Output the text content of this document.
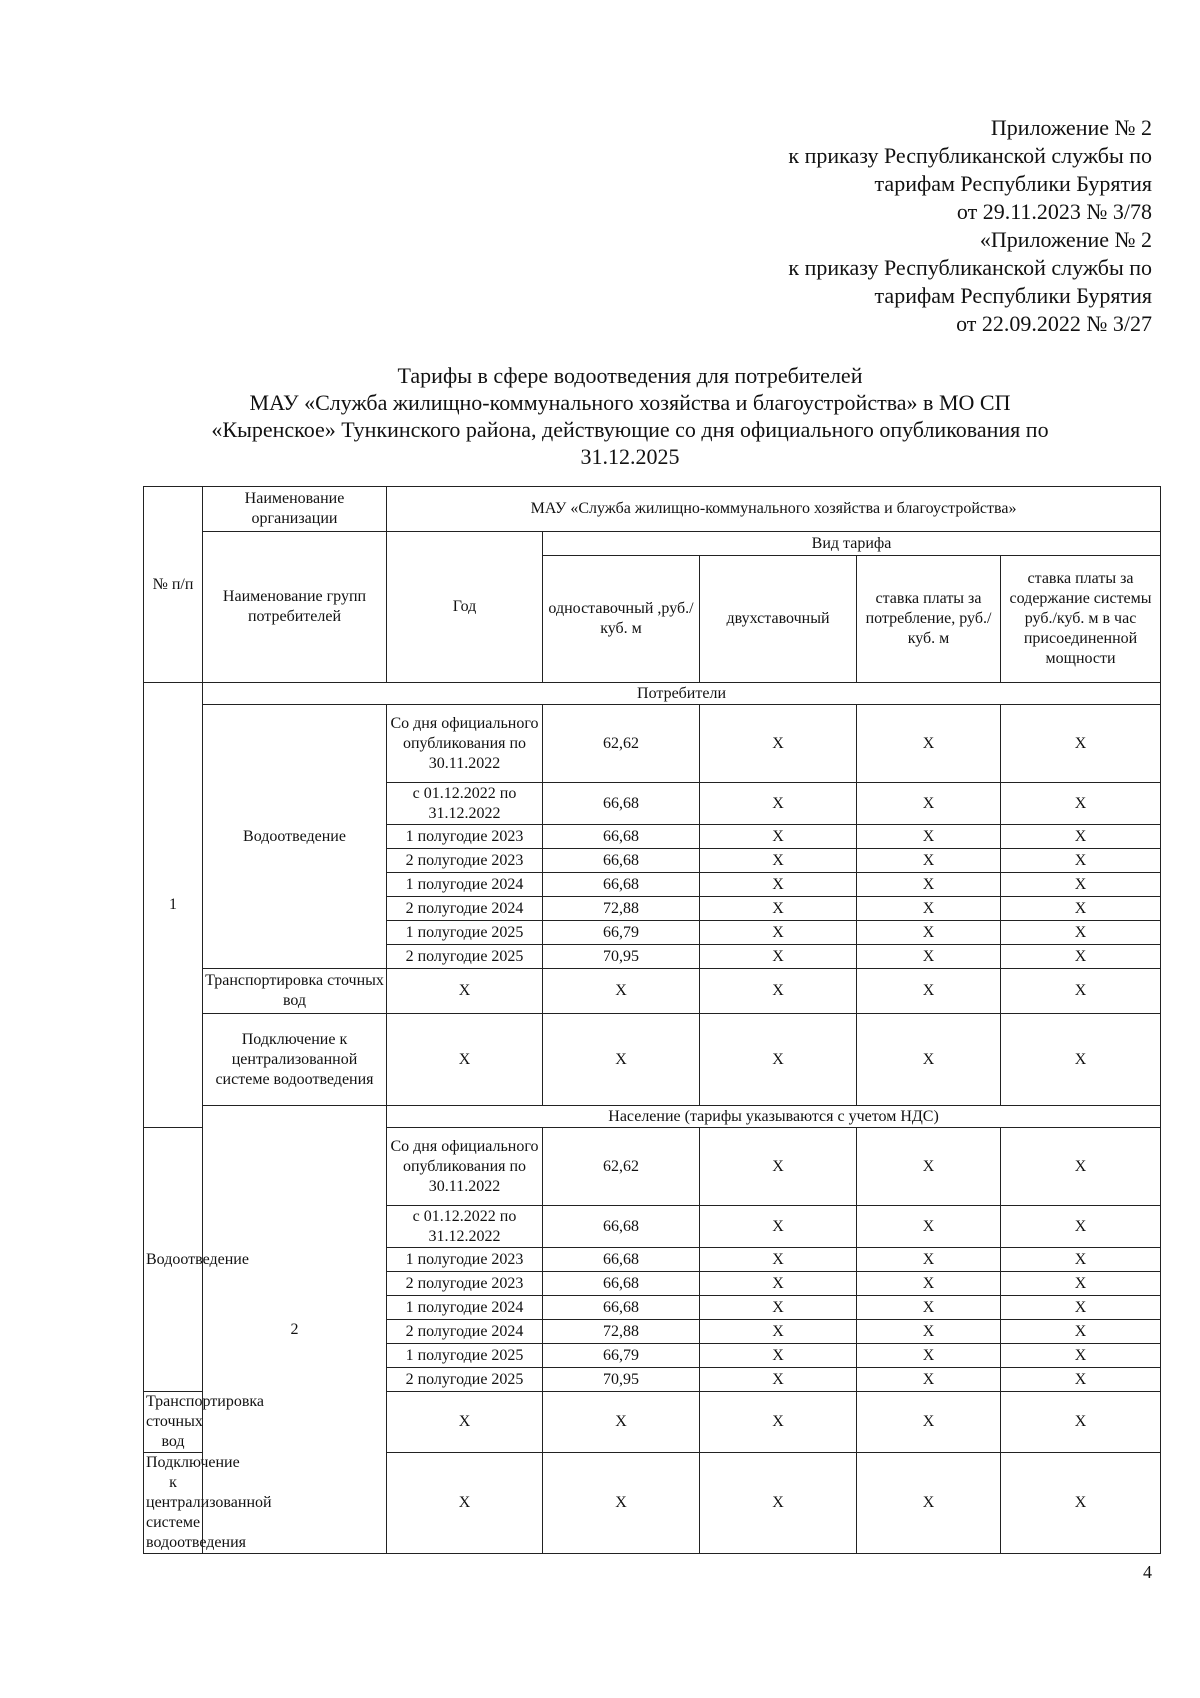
Приложение № 2
к приказу Республиканской службы по
тарифам Республики Бурятия
от 29.11.2023 № 3/78
«Приложение № 2
к приказу Республиканской службы по
тарифам Республики Бурятия
от 22.09.2022 № 3/27
Тарифы в сфере водоотведения для потребителей
МАУ «Служба жилищно-коммунального хозяйства и благоустройства» в МО СП
«Кыренское» Тункинского района, действующие со дня официального опубликования по
31.12.2025
№ п/п	Наименование организации	МАУ «Служба жилищно-коммунального хозяйства и благоустройства»				
	Наименование групп потребителей	Год	Вид тарифа			
			одноставочный ,руб./ куб. м	двухставочный	ставка платы за потребление, руб./ куб. м	ставка платы за содержание системы руб./куб. м в час присоединенной мощности
1	Потребители					
	Водоотведение	Со дня официального опубликования по 30.11.2022	62,62	X	X	X
		с 01.12.2022 по 31.12.2022	66,68	X	X	X
		1 полугодие 2023	66,68	X	X	X
		2 полугодие 2023	66,68	X	X	X
		1 полугодие 2024	66,68	X	X	X
		2 полугодие 2024	72,88	X	X	X
		1 полугодие 2025	66,79	X	X	X
		2 полугодие 2025	70,95	X	X	X
	Транспортировка сточных вод	X	X	X	X	X
	Подключение к централизованной системе водоотведения	X	X	X	X	X
	2	Население (тарифы указываются с учетом НДС)				
Водоотведение		Со дня официального опубликования по 30.11.2022	62,62	X	X	X
		с 01.12.2022 по 31.12.2022	66,68	X	X	X
		1 полугодие 2023	66,68	X	X	X
		2 полугодие 2023	66,68	X	X	X
		1 полугодие 2024	66,68	X	X	X
		2 полугодие 2024	72,88	X	X	X
		1 полугодие 2025	66,79	X	X	X
		2 полугодие 2025	70,95	X	X	X
Транспортировка сточных вод		X	X	X	X	X
Подключение к централизованной системе водоотведения		X	X	X	X	X
4
